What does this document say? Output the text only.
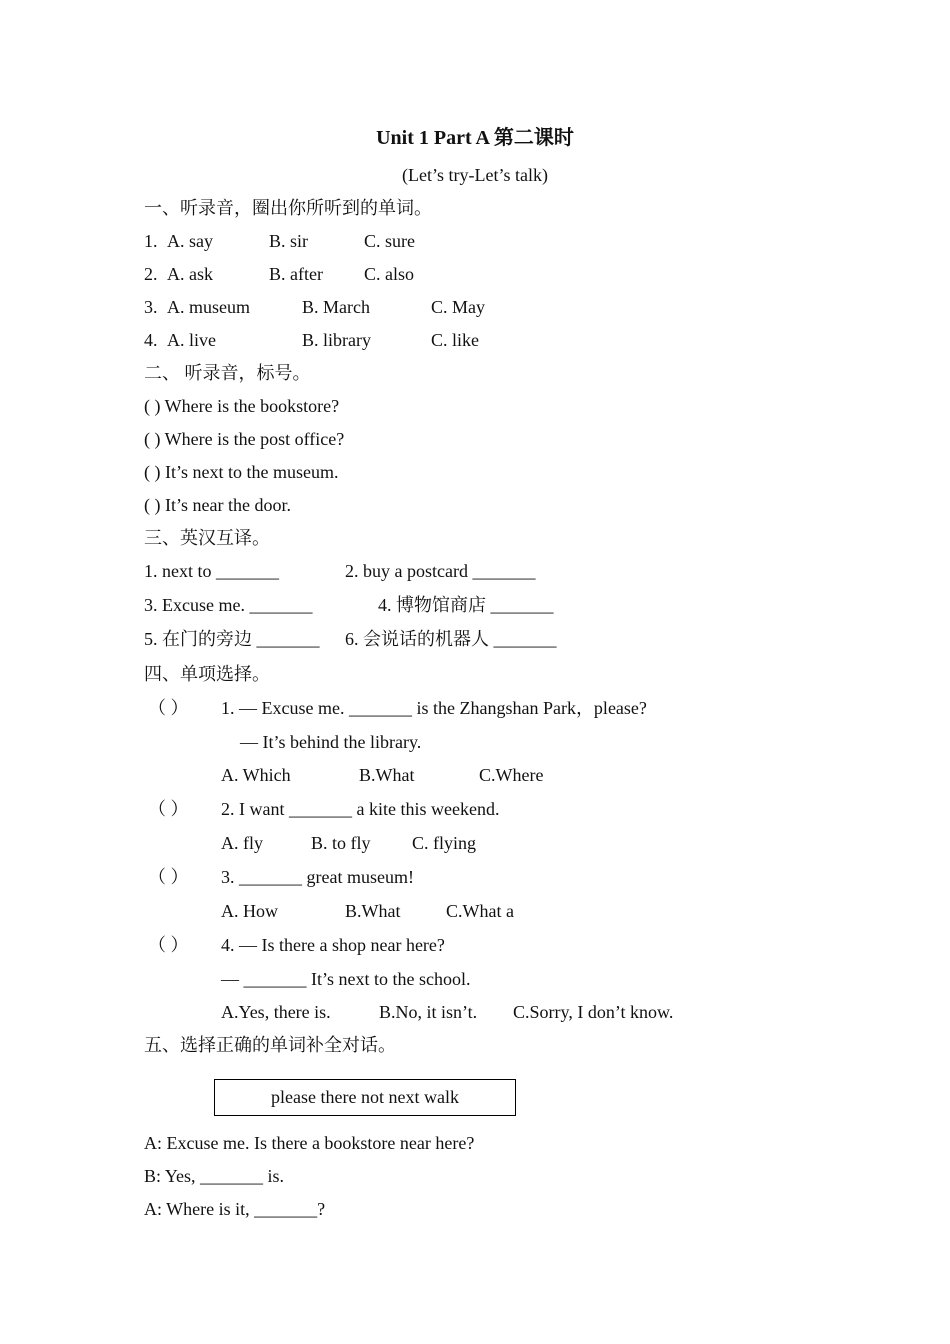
Unit 1 Part A 第二课时
(Let’s try-Let’s talk)
一、听录音，圈出你所听到的单词。
1. A. say	B. sir	C. sure
2. A. ask	B. after C. also
3. A. museum	B. March	C. May
4. A. live	B. library	C. like
二、 听录音，标号。
( ) Where is the bookstore?
( ) Where is the post office?
( ) It’s next to the museum.
( ) It’s near the door.
三、英汉互译。
1. next to _______	2. buy a postcard _______
3. Excuse me. _______	4. 博物馆商店 _______
5. 在门的旁边 _______ 6. 会说话的机器人 _______
四、单项选择。
（ ） 1. — Excuse me. _______ is the Zhangshan Park，please?
— It’s behind the library.
A. Which	B.What	C.Where
（ ） 2. I want _______ a kite this weekend.
A. fly	B. to fly C. flying
（ ） 3. _______ great museum!
A. How	B.What	C.What a
（ ） 4. — Is there a shop near here?
— _______ It’s next to the school.
A.Yes, there is.	B.No, it isn’t. C.Sorry, I don’t know.
五、选择正确的单词补全对话。
please there not next walk
A: Excuse me. Is there a bookstore near here?
B: Yes, _______ is.
A: Where is it, _______?
